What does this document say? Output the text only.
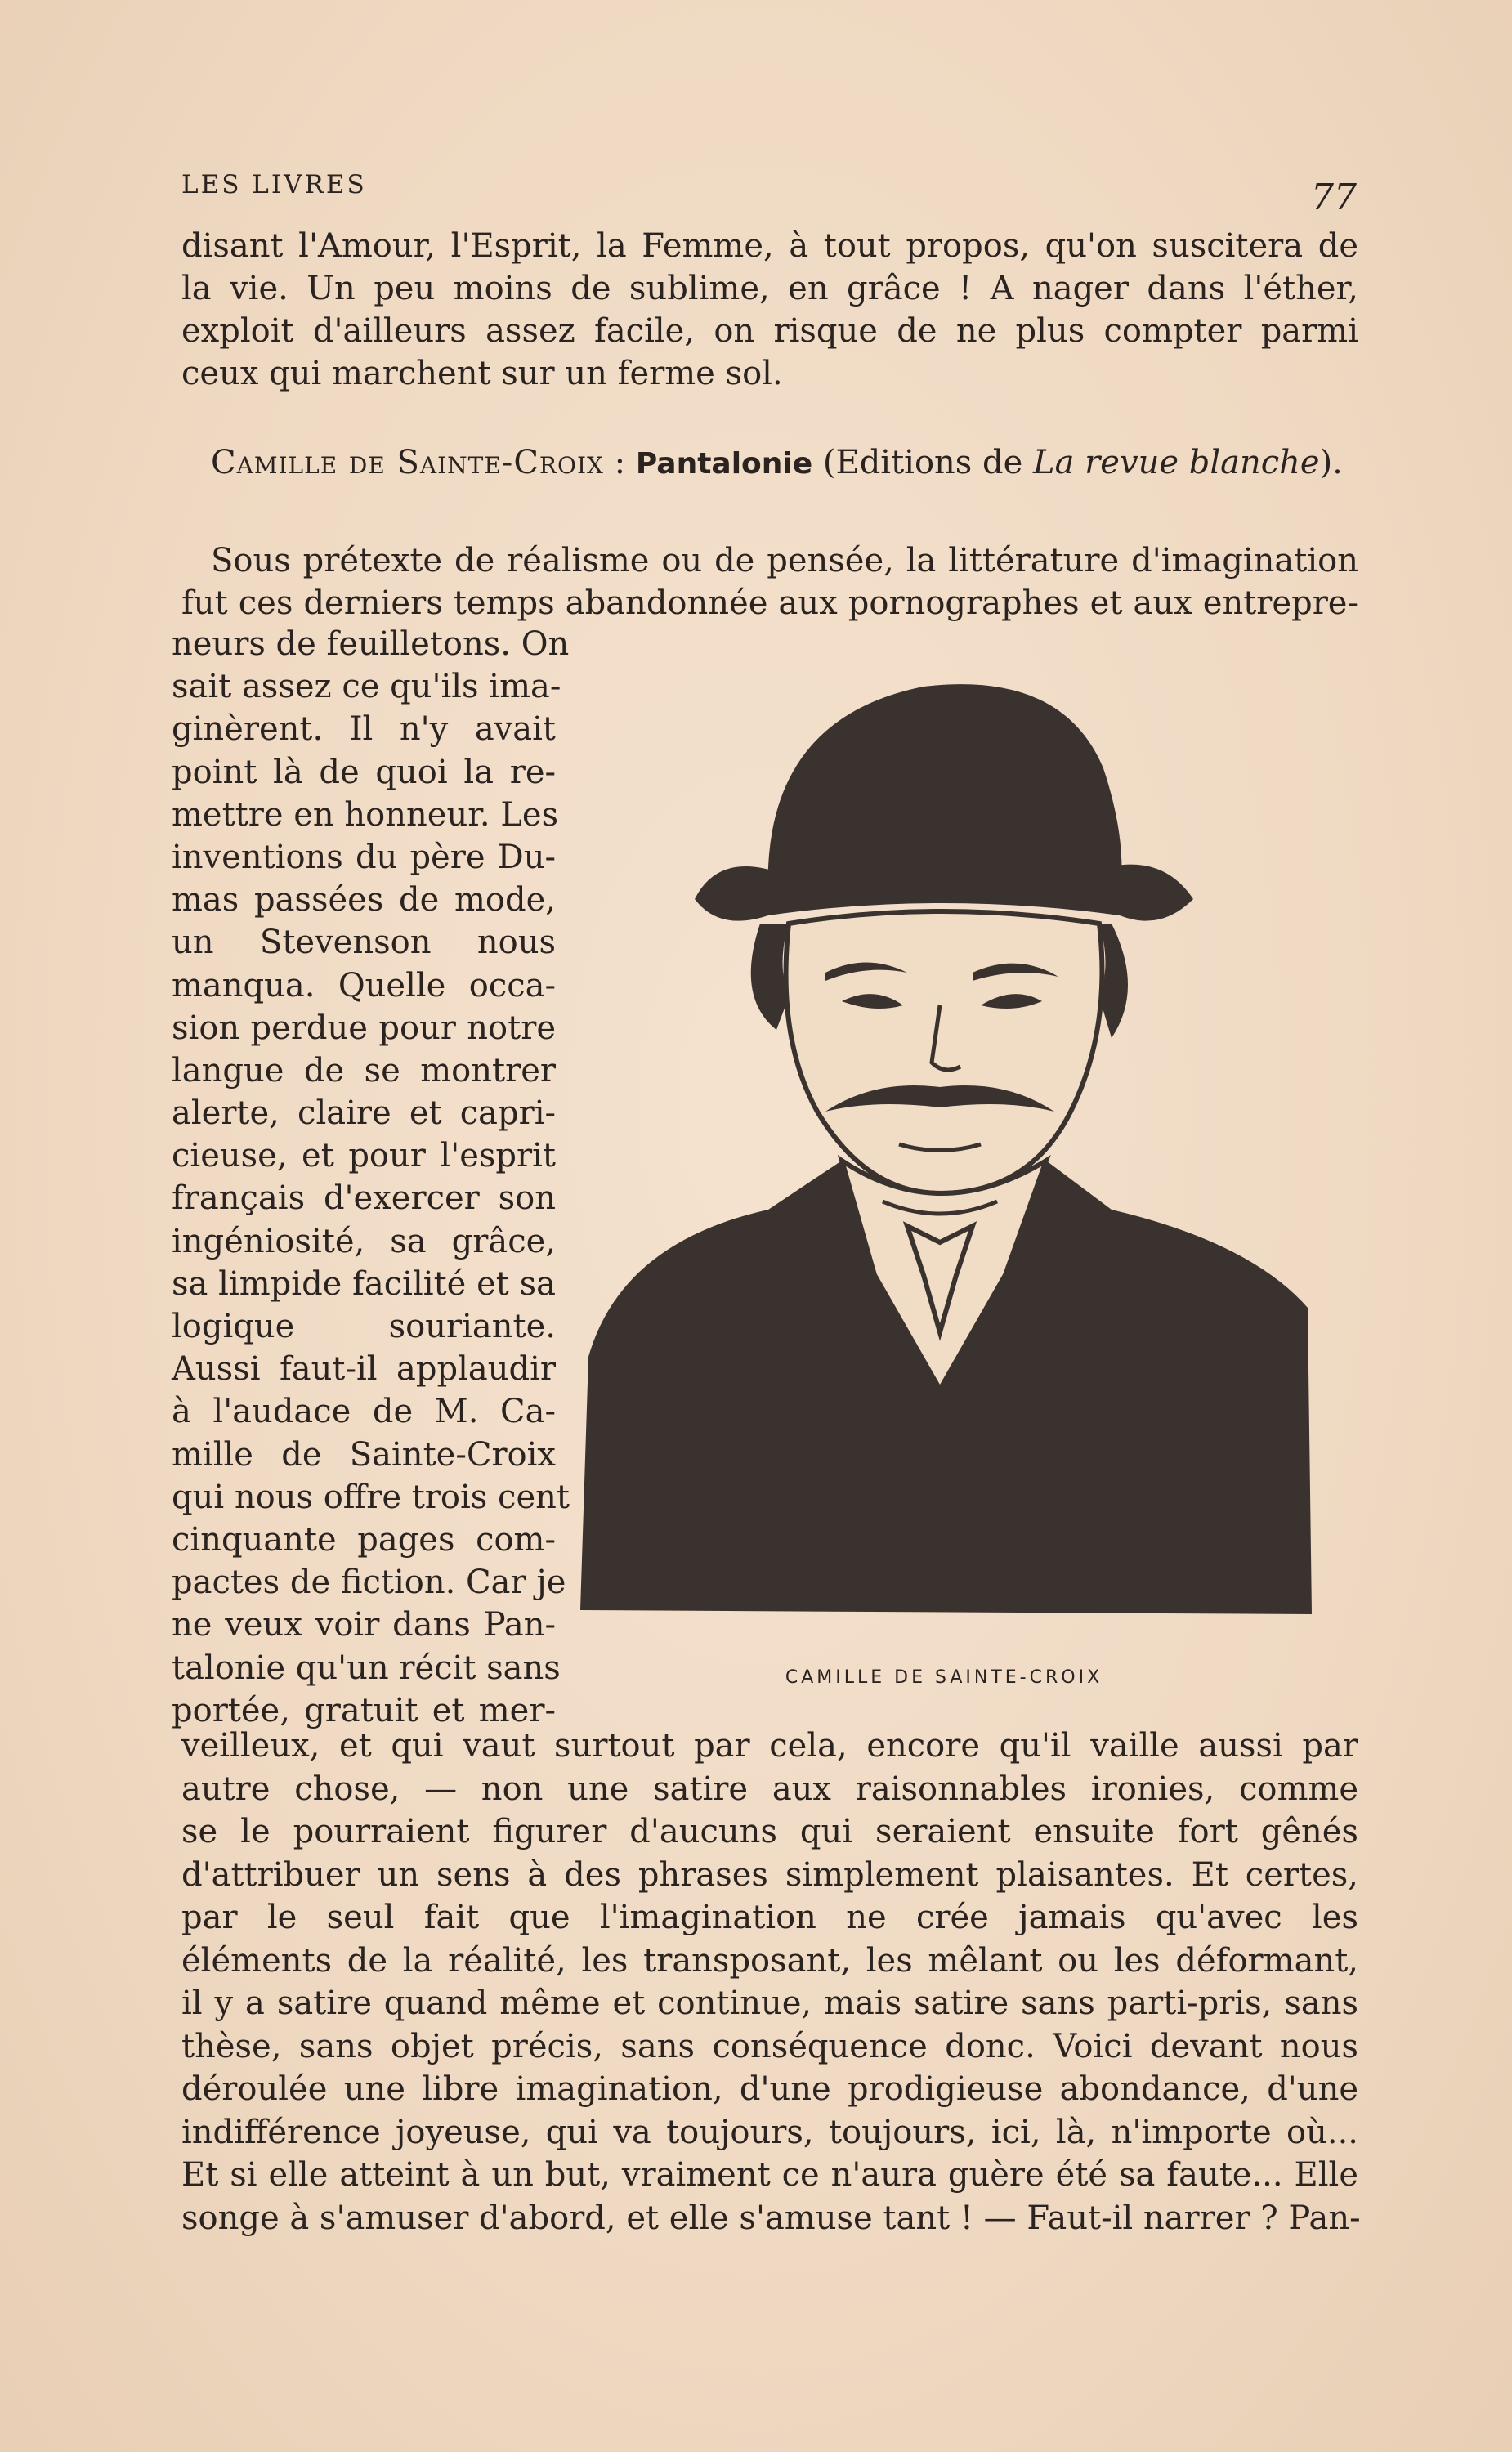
LES LIVRES	77
disant l'Amour, l'Esprit, la Femme, à tout propos, qu'on suscitera de
la vie. Un peu moins de sublime, en grâce ! A nager dans l'éther,
exploit d'ailleurs assez facile, on risque de ne plus compter parmi
ceux qui marchent sur un ferme sol.
Camille de Sainte-Croix : Pantalonie (Editions de La revue blanche).
Sous prétexte de réalisme ou de pensée, la littérature d'imagination
fut ces derniers temps abandonnée aux pornographes et aux entrepre-
neurs de feuilletons. On
sait assez ce qu'ils ima-
ginèrent. Il n'y avait
point là de quoi la re-
mettre en honneur. Les
inventions du père Du-
mas passées de mode,
un Stevenson nous
manqua. Quelle occa-
sion perdue pour notre
langue de se montrer
alerte, claire et capri-
cieuse, et pour l'esprit
français d'exercer son
ingéniosité, sa grâce,
sa limpide facilité et sa
logique souriante.
Aussi faut-il applaudir
à l'audace de M. Ca-
mille de Sainte-Croix
qui nous offre trois cent
cinquante pages com-
pactes de fiction. Car je
ne veux voir dans Pan-
talonie qu'un récit sans
portée, gratuit et mer-
CAMILLE DE SAINTE-CROIX
veilleux, et qui vaut surtout par cela, encore qu'il vaille aussi par
autre chose, — non une satire aux raisonnables ironies, comme
se le pourraient figurer d'aucuns qui seraient ensuite fort gênés
d'attribuer un sens à des phrases simplement plaisantes. Et certes,
par le seul fait que l'imagination ne crée jamais qu'avec les
éléments de la réalité, les transposant, les mêlant ou les déformant,
il y a satire quand même et continue, mais satire sans parti-pris, sans
thèse, sans objet précis, sans conséquence donc. Voici devant nous
déroulée une libre imagination, d'une prodigieuse abondance, d'une
indifférence joyeuse, qui va toujours, toujours, ici, là, n'importe où...
Et si elle atteint à un but, vraiment ce n'aura guère été sa faute... Elle
songe à s'amuser d'abord, et elle s'amuse tant ! — Faut-il narrer ? Pan-
